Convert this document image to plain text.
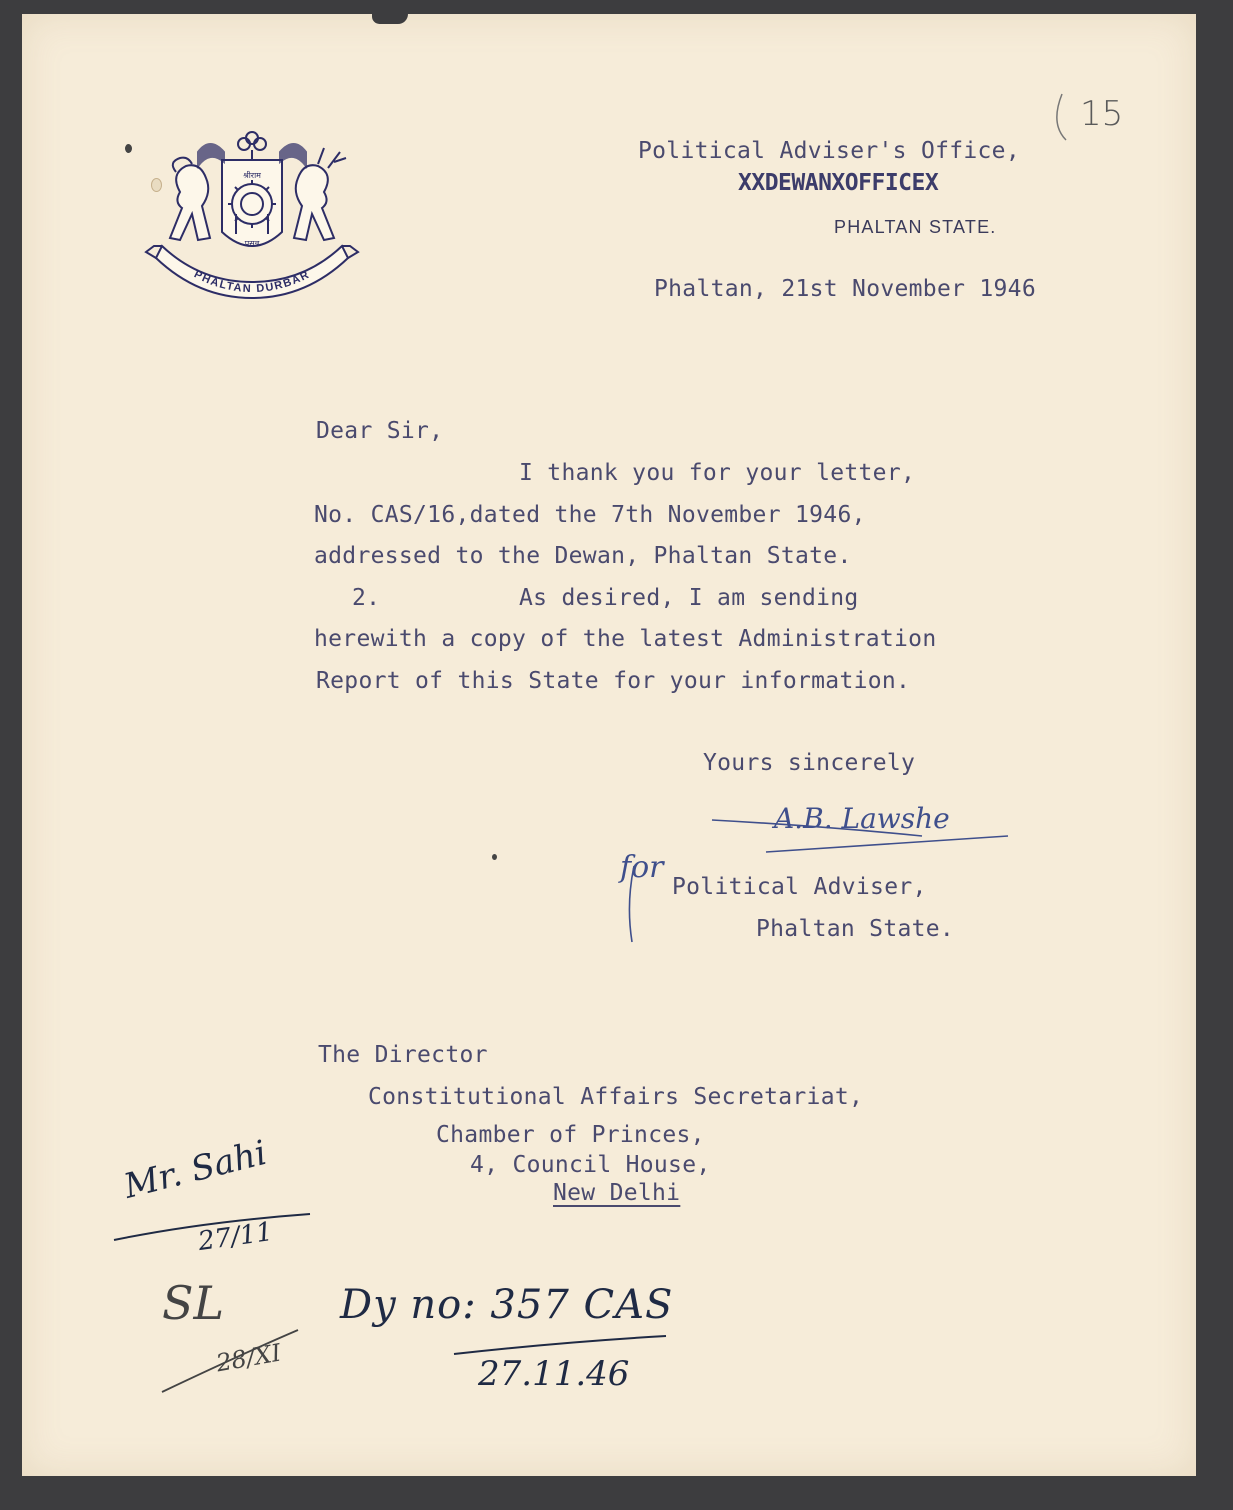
PHALTAN DURBAR
श्रीराम
प्रसन्न
15
Political Adviser's Office,
XXDEWANXOFFICEX
PHALTAN STATE.
Phaltan, 21st November 1946
Dear Sir,
I thank you for your letter,
No. CAS/16,dated the 7th November 1946,
addressed to the Dewan, Phaltan State.
2.	As desired, I am sending
herewith a copy of the latest Administration
Report of this State for your information.
Yours sincerely
A.B. Lawshe
for
Political Adviser,
Phaltan State.
The Director
Constitutional Affairs Secretariat,
Chamber of Princes,
4, Council House,
New Delhi
Mr. Sahi
27/11
SL
28/XI
Dy no: 357 CAS
27.11.46
